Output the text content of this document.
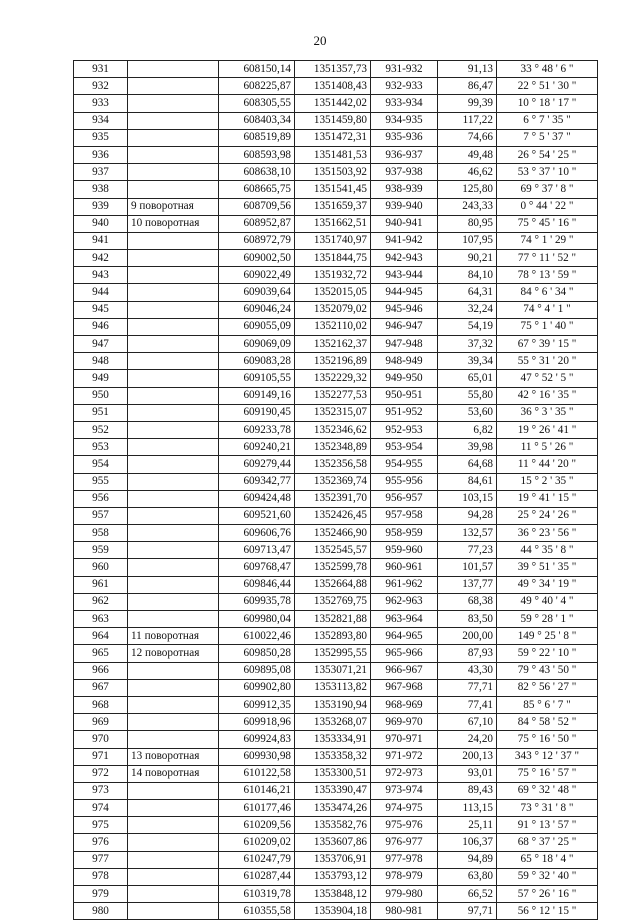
20
931		608150,14	1351357,73	931-932	91,13	33 ° 48 ' 6 "
932		608225,87	1351408,43	932-933	86,47	22 ° 51 ' 30 "
933		608305,55	1351442,02	933-934	99,39	10 ° 18 ' 17 "
934		608403,34	1351459,80	934-935	117,22	6 ° 7 ' 35 "
935		608519,89	1351472,31	935-936	74,66	7 ° 5 ' 37 "
936		608593,98	1351481,53	936-937	49,48	26 ° 54 ' 25 "
937		608638,10	1351503,92	937-938	46,62	53 ° 37 ' 10 "
938		608665,75	1351541,45	938-939	125,80	69 ° 37 ' 8 "
939	9 поворотная	608709,56	1351659,37	939-940	243,33	0 ° 44 ' 22 "
940	10 поворотная	608952,87	1351662,51	940-941	80,95	75 ° 45 ' 16 "
941		608972,79	1351740,97	941-942	107,95	74 ° 1 ' 29 "
942		609002,50	1351844,75	942-943	90,21	77 ° 11 ' 52 "
943		609022,49	1351932,72	943-944	84,10	78 ° 13 ' 59 "
944		609039,64	1352015,05	944-945	64,31	84 ° 6 ' 34 "
945		609046,24	1352079,02	945-946	32,24	74 ° 4 ' 1 "
946		609055,09	1352110,02	946-947	54,19	75 ° 1 ' 40 "
947		609069,09	1352162,37	947-948	37,32	67 ° 39 ' 15 "
948		609083,28	1352196,89	948-949	39,34	55 ° 31 ' 20 "
949		609105,55	1352229,32	949-950	65,01	47 ° 52 ' 5 "
950		609149,16	1352277,53	950-951	55,80	42 ° 16 ' 35 "
951		609190,45	1352315,07	951-952	53,60	36 ° 3 ' 35 "
952		609233,78	1352346,62	952-953	6,82	19 ° 26 ' 41 "
953		609240,21	1352348,89	953-954	39,98	11 ° 5 ' 26 "
954		609279,44	1352356,58	954-955	64,68	11 ° 44 ' 20 "
955		609342,77	1352369,74	955-956	84,61	15 ° 2 ' 35 "
956		609424,48	1352391,70	956-957	103,15	19 ° 41 ' 15 "
957		609521,60	1352426,45	957-958	94,28	25 ° 24 ' 26 "
958		609606,76	1352466,90	958-959	132,57	36 ° 23 ' 56 "
959		609713,47	1352545,57	959-960	77,23	44 ° 35 ' 8 "
960		609768,47	1352599,78	960-961	101,57	39 ° 51 ' 35 "
961		609846,44	1352664,88	961-962	137,77	49 ° 34 ' 19 "
962		609935,78	1352769,75	962-963	68,38	49 ° 40 ' 4 "
963		609980,04	1352821,88	963-964	83,50	59 ° 28 ' 1 "
964	11 поворотная	610022,46	1352893,80	964-965	200,00	149 ° 25 ' 8 "
965	12 поворотная	609850,28	1352995,55	965-966	87,93	59 ° 22 ' 10 "
966		609895,08	1353071,21	966-967	43,30	79 ° 43 ' 50 "
967		609902,80	1353113,82	967-968	77,71	82 ° 56 ' 27 "
968		609912,35	1353190,94	968-969	77,41	85 ° 6 ' 7 "
969		609918,96	1353268,07	969-970	67,10	84 ° 58 ' 52 "
970		609924,83	1353334,91	970-971	24,20	75 ° 16 ' 50 "
971	13 поворотная	609930,98	1353358,32	971-972	200,13	343 ° 12 ' 37 "
972	14 поворотная	610122,58	1353300,51	972-973	93,01	75 ° 16 ' 57 "
973		610146,21	1353390,47	973-974	89,43	69 ° 32 ' 48 "
974		610177,46	1353474,26	974-975	113,15	73 ° 31 ' 8 "
975		610209,56	1353582,76	975-976	25,11	91 ° 13 ' 57 "
976		610209,02	1353607,86	976-977	106,37	68 ° 37 ' 25 "
977		610247,79	1353706,91	977-978	94,89	65 ° 18 ' 4 "
978		610287,44	1353793,12	978-979	63,80	59 ° 32 ' 40 "
979		610319,78	1353848,12	979-980	66,52	57 ° 26 ' 16 "
980		610355,58	1353904,18	980-981	97,71	56 ° 12 ' 15 "
